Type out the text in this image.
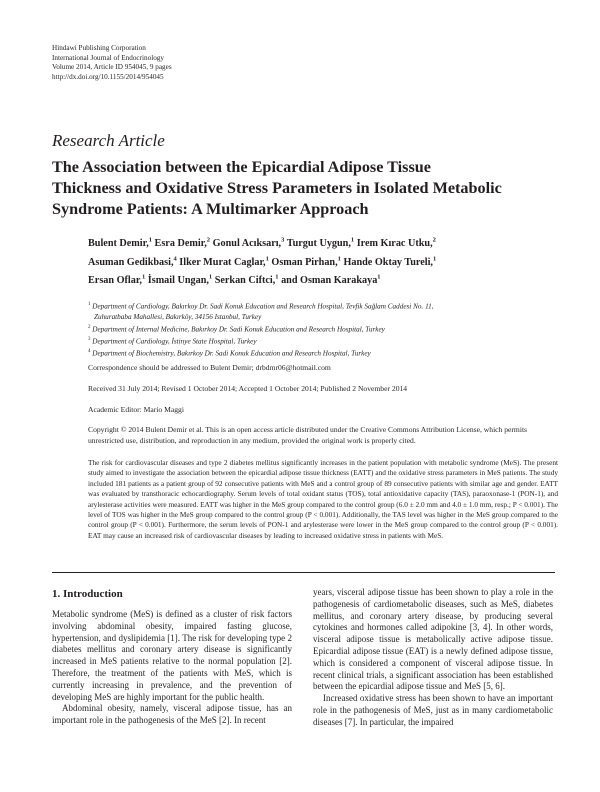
Hindawi Publishing Corporation
International Journal of Endocrinology
Volume 2014, Article ID 954045, 9 pages
http://dx.doi.org/10.1155/2014/954045
Research Article
The Association between the Epicardial Adipose Tissue
Thickness and Oxidative Stress Parameters in Isolated Metabolic
Syndrome Patients: A Multimarker Approach
Bulent Demir,$^1$ Esra Demir,$^2$ Gonul Acıksarı,$^3$ Turgut Uygun,$^1$ Irem Kırac Utku,$^2$
Asuman Gedikbasi,$^4$ Ilker Murat Caglar,$^1$ Osman Pirhan,$^1$ Hande Oktay Tureli,$^1$
Ersan Oflar,$^1$ İsmail Ungan,$^1$ Serkan Ciftci,$^1$ and Osman Karakaya$^1$
$^1$ Department of Cardiology, Bakırkoy Dr. Sadi Konuk Education and Research Hospital, Tevfik Sağlam Caddesi No. 11,
Zuhuratbaba Mahallesi, Bakırköy, 34156 Istanbul, Turkey
$^2$ Department of Internal Medicine, Bakırkoy Dr. Sadi Konuk Education and Research Hospital, Turkey
$^3$ Department of Cardiology, İstinye State Hospital, Turkey
$^4$ Department of Biochemistry, Bakırkoy Dr. Sadi Konuk Education and Research Hospital, Turkey
Correspondence should be addressed to Bulent Demir; drbdmr06@hotmail.com
Received 31 July 2014; Revised 1 October 2014; Accepted 1 October 2014; Published 2 November 2014
Academic Editor: Mario Maggi
Copyright © 2014 Bulent Demir et al. This is an open access article distributed under the Creative Commons Attribution License, which permits unrestricted use, distribution, and reproduction in any medium, provided the original work is properly cited.
The risk for cardiovascular diseases and type 2 diabetes mellitus significantly increases in the patient population with metabolic syndrome (MeS). The present study aimed to investigate the association between the epicardial adipose tissue thickness (EATT) and the oxidative stress parameters in MeS patients. The study included 181 patients as a patient group of 92 consecutive patients with MeS and a control group of 89 consecutive patients with similar age and gender. EATT was evaluated by transthoracic echocardiography. Serum levels of total oxidant status (TOS), total antioxidative capacity (TAS), paraoxonase-1 (PON-1), and arylesterase activities were measured. EATT was higher in the MeS group compared to the control group (6.0 ± 2.0 mm and 4.0 ± 1.0 mm, resp.; P < 0.001). The level of TOS was higher in the MeS group compared to the control group (P < 0.001). Additionally, the TAS level was higher in the MeS group compared to the control group (P < 0.001). Furthermore, the serum levels of PON-1 and arylesterase were lower in the MeS group compared to the control group (P < 0.001). EAT may cause an increased risk of cardiovascular diseases by leading to increased oxidative stress in patients with MeS.
1. Introduction

Metabolic syndrome (MeS) is defined as a cluster of risk factors involving abdominal obesity, impaired fasting glucose, hypertension, and dyslipidemia [1]. The risk for developing type 2 diabetes mellitus and coronary artery disease is significantly increased in MeS patients relative to the normal population [2]. Therefore, the treatment of the patients with MeS, which is currently increasing in prevalence, and the prevention of developing MeS are highly important for the public health.

Abdominal obesity, namely, visceral adipose tissue, has an important role in the pathogenesis of the MeS [2]. In recent

years, visceral adipose tissue has been shown to play a role in the pathogenesis of cardiometabolic diseases, such as MeS, diabetes mellitus, and coronary artery disease, by producing several cytokines and hormones called adipokine [3, 4]. In other words, visceral adipose tissue is metabolically active adipose tissue. Epicardial adipose tissue (EAT) is a newly defined adipose tissue, which is considered a component of visceral adipose tissue. In recent clinical trials, a significant association has been established between the epicardial adipose tissue and MeS [5, 6].

Increased oxidative stress has been shown to have an important role in the pathogenesis of MeS, just as in many cardiometabolic diseases [7]. In particular, the impaired
